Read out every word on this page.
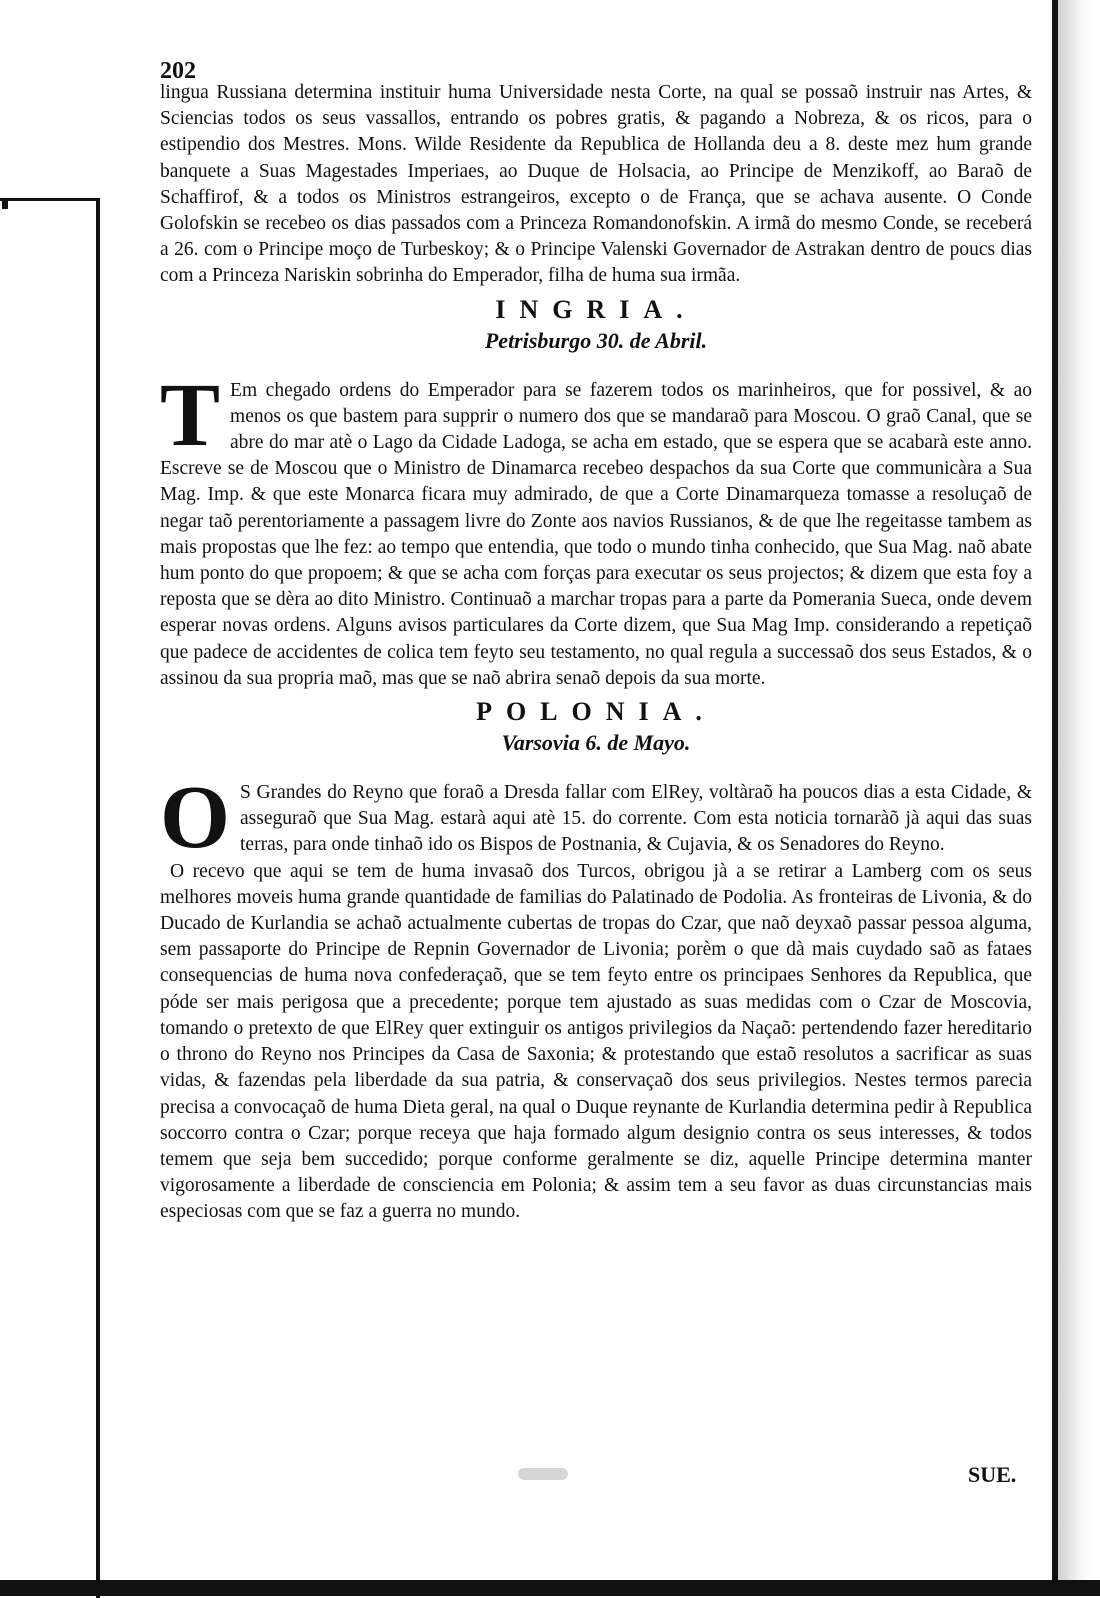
202

lingua Russiana determina instituir huma Universidade nesta Corte, na qual se possaõ instruir nas Artes, & Sciencias todos os seus vassallos, entrando os pobres gratis, & pagando a Nobreza, & os ricos, para o estipendio dos Mestres. Mons. Wilde Residente da Republica de Hollanda deu a 8. deste mez hum grande banquete a Suas Magestades Imperiaes, ao Duque de Holsacia, ao Principe de Menzikoff, ao Baraõ de Schaffirof, & a todos os Ministros estrangeiros, excepto o de França, que se achava ausente. O Conde Golofskin se recebeo os dias passados com a Princeza Romandonofskin. A irmã do mesmo Conde, se receberá a 26. com o Principe moço de Turbeskoy; & o Principe Valenski Governador de Astrakan dentro de poucs dias com a Princeza Nariskin sobrinha do Emperador, filha de huma sua irmãa.

INGRIA.
Petrisburgo 30. de Abril.
T Em chegado ordens do Emperador para se fazerem todos os marinheiros, que for possivel, & ao menos os que bastem para supprir o numero dos que se mandaraõ para Moscou. O graõ Canal, que se abre do mar atè o Lago da Cidade Ladoga, se acha em estado, que se espera que se acabarà este anno. Escreve se de Moscou que o Ministro de Dinamarca recebeo despachos da sua Corte que communicàra a Sua Mag. Imp. & que este Monarca ficara muy admirado, de que a Corte Dinamarqueza tomasse a resoluçaõ de negar taõ perentoriamente a passagem livre do Zonte aos navios Russianos, & de que lhe regeitasse tambem as mais propostas que lhe fez: ao tempo que entendia, que todo o mundo tinha conhecido, que Sua Mag. naõ abate hum ponto do que propoem; & que se acha com forças para executar os seus projectos; & dizem que esta foy a reposta que se dèra ao dito Ministro. Continuaõ a marchar tropas para a parte da Pomerania Sueca, onde devem esperar novas ordens. Alguns avisos particulares da Corte dizem, que Sua Mag Imp. considerando a repetiçaõ que padece de accidentes de colica tem feyto seu testamento, no qual regula a successaõ dos seus Estados, & o assinou da sua propria maõ, mas que se naõ abrira senaõ depois da sua morte.

POLONIA.
Varsovia 6. de Mayo.
O S Grandes do Reyno que foraõ a Dresda fallar com ElRey, voltàraõ ha poucos dias a esta Cidade, & asseguraõ que Sua Mag. estarà aqui atè 15. do corrente. Com esta noticia tornaràõ jà aqui das suas terras, para onde tinhaõ ido os Bispos de Postnania, & Cujavia, & os Senadores do Reyno.

O recevo que aqui se tem de huma invasaõ dos Turcos, obrigou jà a se retirar a Lamberg com os seus melhores moveis huma grande quantidade de familias do Palatinado de Podolia. As fronteiras de Livonia, & do Ducado de Kurlandia se achaõ actualmente cubertas de tropas do Czar, que naõ deyxaõ passar pessoa alguma, sem passaporte do Principe de Repnin Governador de Livonia; porèm o que dà mais cuydado saõ as fataes consequencias de huma nova confederaçaõ, que se tem feyto entre os principaes Senhores da Republica, que póde ser mais perigosa que a precedente; porque tem ajustado as suas medidas com o Czar de Moscovia, tomando o pretexto de que ElRey quer extinguir os antigos privilegios da Naçaõ: pertendendo fazer hereditario o throno do Reyno nos Principes da Casa de Saxonia; & protestando que estaõ resolutos a sacrificar as suas vidas, & fazendas pela liberdade da sua patria, & conservaçaõ dos seus privilegios. Nestes termos parecia precisa a convocaçaõ de huma Dieta geral, na qual o Duque reynante de Kurlandia determina pedir à Republica soccorro contra o Czar; porque receya que haja formado algum designio contra os seus interesses, & todos temem que seja bem succedido; porque conforme geralmente se diz, aquelle Principe determina manter vigorosamente a liberdade de consciencia em Polonia; & assim tem a seu favor as duas circunstancias mais especiosas com que se faz a guerra no mundo.

SUE.
